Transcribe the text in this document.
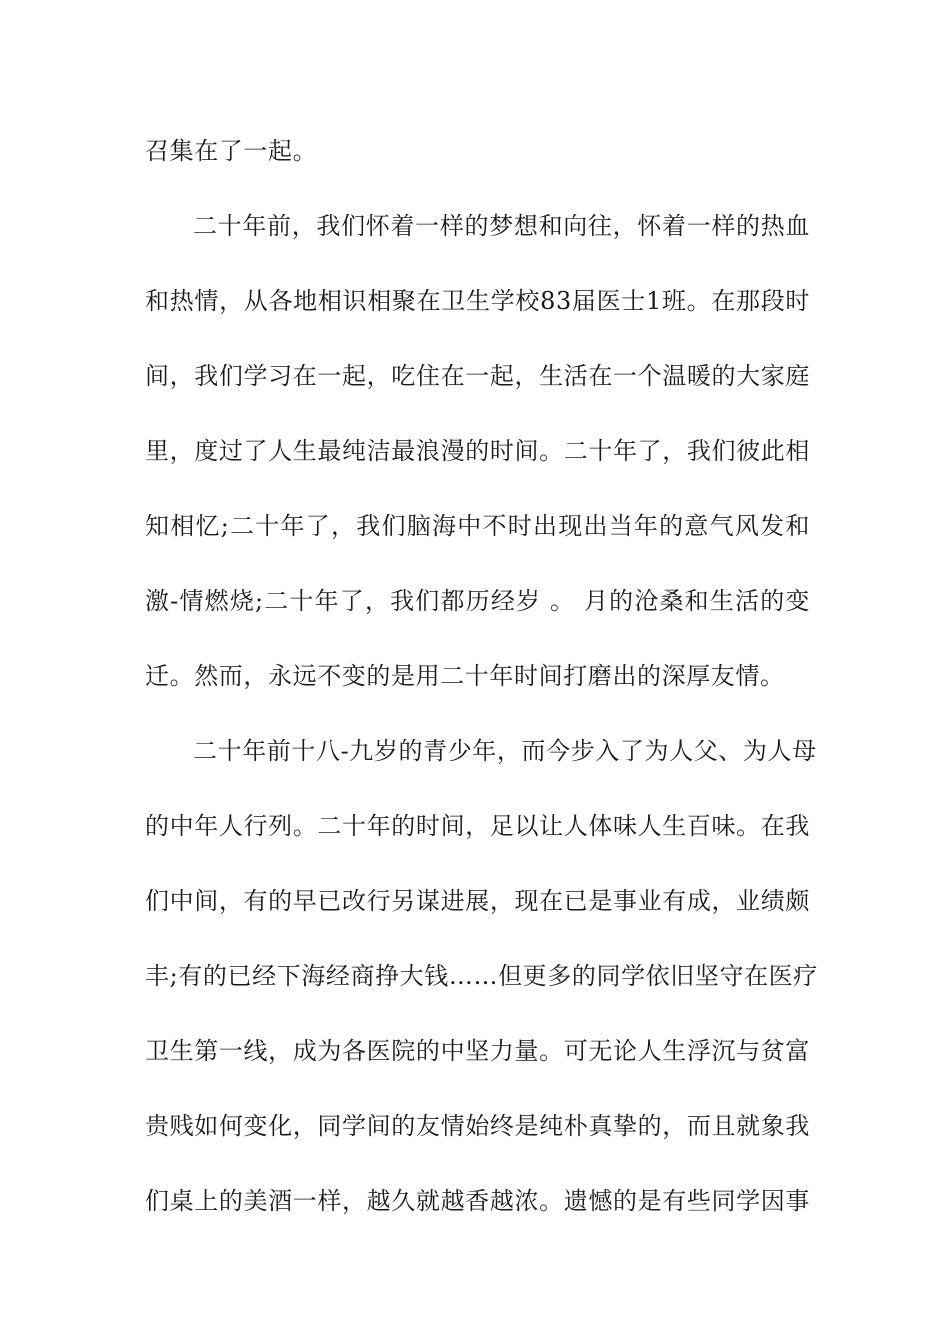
召集在了一起。
二十年前，我们怀着一样的梦想和向往，怀着一样的热血
和热情，从各地相识相聚在卫生学校83届医士1班。在那段时
间，我们学习在一起，吃住在一起，生活在一个温暖的大家庭
里，度过了人生最纯洁最浪漫的时间。二十年了，我们彼此相
知相忆;二十年了，我们脑海中不时出现出当年的意气风发和
激-情燃烧;二十年了，我们都历经岁 。 月的沧桑和生活的变
迁。然而，永远不变的是用二十年时间打磨出的深厚友情。
二十年前十八-九岁的青少年，而今步入了为人父、为人母
的中年人行列。二十年的时间，足以让人体味人生百味。在我
们中间，有的早已改行另谋进展，现在已是事业有成，业绩颇
丰;有的已经下海经商挣大钱……但更多的同学依旧坚守在医疗
卫生第一线，成为各医院的中坚力量。可无论人生浮沉与贫富
贵贱如何变化，同学间的友情始终是纯朴真挚的，而且就象我
们桌上的美酒一样，越久就越香越浓。遗憾的是有些同学因事
